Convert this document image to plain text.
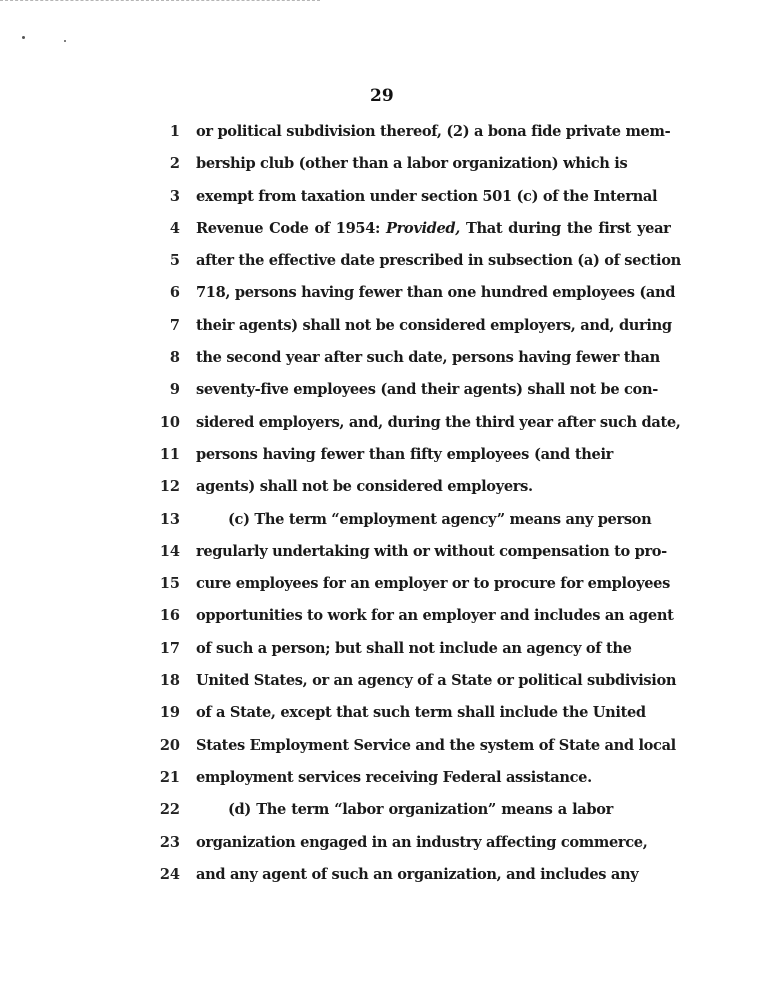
29
1 or political subdivision thereof, (2) a bona fide private mem-
2 bership club (other than a labor organization) which is
3 exempt from taxation under section 501 (c) of the Internal
4 Revenue Code of 1954: Provided, That during the first year
5 after the effective date prescribed in subsection (a) of section
6 718, persons having fewer than one hundred employees (and
7 their agents) shall not be considered employers, and, during
8 the second year after such date, persons having fewer than
9 seventy-five employees (and their agents) shall not be con-
10 sidered employers, and, during the third year after such date,
11 persons having fewer than fifty employees (and their
12 agents) shall not be considered employers.
13	(c) The term “employment agency” means any person
14 regularly undertaking with or without compensation to pro-
15 cure employees for an employer or to procure for employees
16 opportunities to work for an employer and includes an agent
17 of such a person; but shall not include an agency of the
18 United States, or an agency of a State or political subdivision
19 of a State, except that such term shall include the United
20 States Employment Service and the system of State and local
21 employment services receiving Federal assistance.
22	(d) The term “labor organization” means a labor
23 organization engaged in an industry affecting commerce,
24 and any agent of such an organization, and includes any
